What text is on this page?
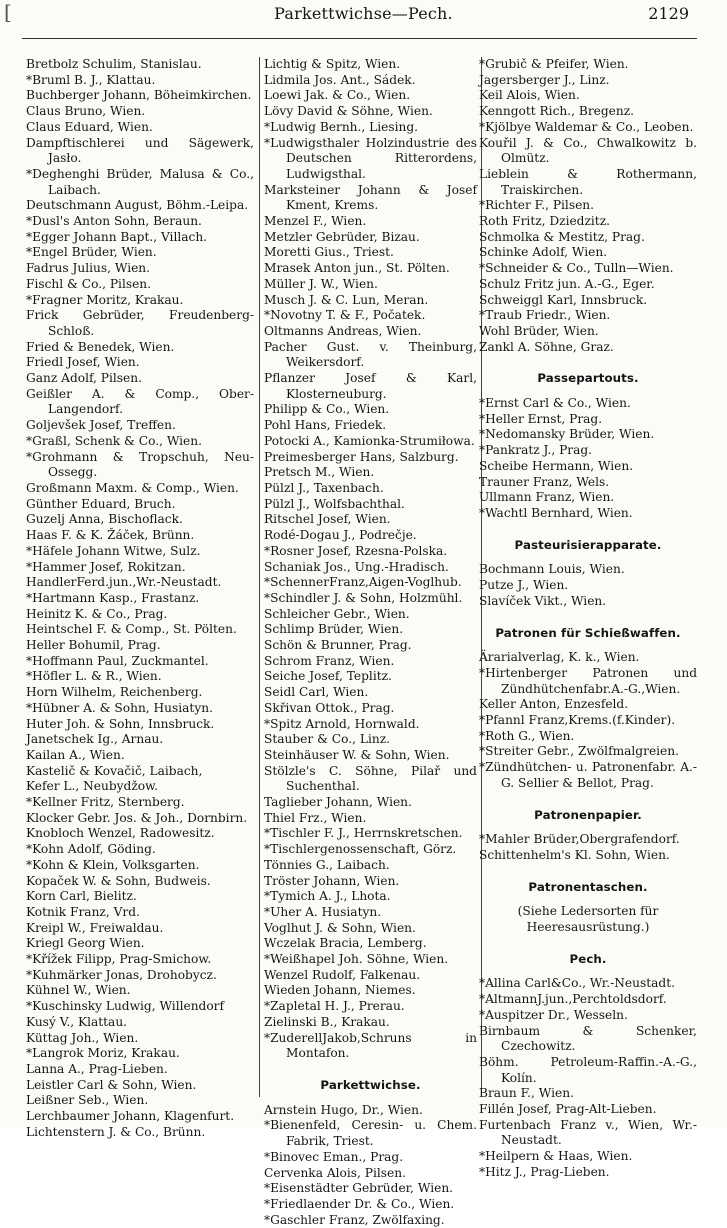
[	Parkettwichse—Pech.	2129
Bretbolz Schulim, Stanislau.
*Bruml B. J., Klattau.
Buchberger Johann, Böheimkirchen.
Claus Bruno, Wien.
Claus Eduard, Wien.
Dampftischlerei und Sägewerk, Jasło.
*Deghenghi Brüder, Malusa & Co., Laibach.
Deutschmann August, Böhm.-Leipa.
*Dusl's Anton Sohn, Beraun.
*Egger Johann Bapt., Villach.
*Engel Brüder, Wien.
Fadrus Julius, Wien.
Fischl & Co., Pilsen.
*Fragner Moritz, Krakau.
Frick Gebrüder, Freudenberg-Schloß.
Fried & Benedek, Wien.
Friedl Josef, Wien.
Ganz Adolf, Pilsen.
Geißler A. & Comp., Ober-Langendorf.
Goljevšek Josef, Treffen.
*Graßl, Schenk & Co., Wien.
*Grohmann & Tropschuh, Neu-Ossegg.
Großmann Maxm. & Comp., Wien.
Günther Eduard, Bruch.
Guzelj Anna, Bischoflack.
Haas F. & K. Žáček, Brünn.
*Häfele Johann Witwe, Sulz.
*Hammer Josef, Rokitzan.
HandlerFerd.jun.,Wr.-Neustadt.
*Hartmann Kasp., Frastanz.
Heinitz K. & Co., Prag.
Heintschel F. & Comp., St. Pölten.
Heller Bohumil, Prag.
*Hoffmann Paul, Zuckmantel.
*Höfler L. & R., Wien.
Horn Wilhelm, Reichenberg.
*Hübner A. & Sohn, Husiatyn.
Huter Joh. & Sohn, Innsbruck.
Janetschek Ig., Arnau.
Kailan A., Wien.
Kastelič & Kovačič, Laibach,
Kefer L., Neubydžow.
*Kellner Fritz, Sternberg.
Klocker Gebr. Jos. & Joh., Dornbirn.
Knobloch Wenzel, Radowesitz.
*Kohn Adolf, Göding.
*Kohn & Klein, Volksgarten.
Kopaček W. & Sohn, Budweis.
Korn Carl, Bielitz.
Kotnik Franz, Vrd.
Kreipl W., Freiwaldau.
Kriegl Georg Wien.
*Křížek Filipp, Prag-Smichow.
*Kuhmärker Jonas, Drohobycz.
Kühnel W., Wien.
*Kuschinsky Ludwig, Willendorf
Kusý V., Klattau.
Küttag Joh., Wien.
*Langrok Moriz, Krakau.
Lanna A., Prag-Lieben.
Leistler Carl & Sohn, Wien.
Leißner Seb., Wien.
Lerchbaumer Johann, Klagenfurt.
Lichtenstern J. & Co., Brünn.
Lichtig & Spitz, Wien.
Lidmila Jos. Ant., Sádek.
Loewi Jak. & Co., Wien.
Lövy David & Söhne, Wien.
*Ludwig Bernh., Liesing.
*Ludwigsthaler Holzindustrie des Deutschen Ritterordens, Ludwigsthal.
Marksteiner Johann & Josef Kment, Krems.
Menzel F., Wien.
Metzler Gebrüder, Bizau.
Moretti Gius., Triest.
Mrasek Anton jun., St. Pölten.
Müller J. W., Wien.
Musch J. & C. Lun, Meran.
*Novotny T. & F., Počatek.
Oltmanns Andreas, Wien.
Pacher Gust. v. Theinburg, Weikersdorf.
Pflanzer Josef & Karl, Klosterneuburg.
Philipp & Co., Wien.
Pohl Hans, Friedek.
Potocki A., Kamionka-Strumiłowa.
Preimesberger Hans, Salzburg.
Pretsch M., Wien.
Pülzl J., Taxenbach.
Pülzl J., Wolfsbachthal.
Ritschel Josef, Wien.
Rodé-Dogau J., Podrečje.
*Rosner Josef, Rzesna-Polska.
Schaniak Jos., Ung.-Hradisch.
*SchennerFranz,Aigen-Voglhub.
*Schindler J. & Sohn, Holzmühl.
Schleicher Gebr., Wien.
Schlimp Brüder, Wien.
Schön & Brunner, Prag.
Schrom Franz, Wien.
Seiche Josef, Teplitz.
Seidl Carl, Wien.
Skřivan Ottok., Prag.
*Spitz Arnold, Hornwald.
Stauber & Co., Linz.
Steinhäuser W. & Sohn, Wien.
Stölzle's C. Söhne, Pilař und Suchenthal.
Taglieber Johann, Wien.
Thiel Frz., Wien.
*Tischler F. J., Herrnskretschen.
*Tischlergenossenschaft, Görz.
Tönnies G., Laibach.
Tröster Johann, Wien.
*Tymich A. J., Lhota.
*Uher A. Husiatyn.
Voglhut J. & Sohn, Wien.
Wczelak Bracia, Lemberg.
*Weißhapel Joh. Söhne, Wien.
Wenzel Rudolf, Falkenau.
Wieden Johann, Niemes.
*Zapletal H. J., Prerau.
Zielinski B., Krakau.
*ZuderellJakob,Schruns in Montafon.
Parkettwichse.
Arnstein Hugo, Dr., Wien.
*Bienenfeld, Ceresin- u. Chem. Fabrik, Triest.
*Binovec Eman., Prag.
Cervenka Alois, Pilsen.
*Eisenstädter Gebrüder, Wien.
*Friedlaender Dr. & Co., Wien.
*Gaschler Franz, Zwölfaxing.
*Grubič & Pfeifer, Wien.
Jagersberger J., Linz.
Keil Alois, Wien.
Kenngott Rich., Bregenz.
*Kjölbye Waldemar & Co., Leoben.
Kouřil J. & Co., Chwalkowitz b. Olmütz.
Lieblein & Rothermann, Traiskirchen.
*Richter F., Pilsen.
Roth Fritz, Dziedzitz.
Schmolka & Mestitz, Prag.
Schinke Adolf, Wien.
*Schneider & Co., Tulln—Wien.
Schulz Fritz jun. A.-G., Eger.
Schweiggl Karl, Innsbruck.
*Traub Friedr., Wien.
Wohl Brüder, Wien.
Zankl A. Söhne, Graz.
Passepartouts.
*Ernst Carl & Co., Wien.
*Heller Ernst, Prag.
*Nedomansky Brüder, Wien.
*Pankratz J., Prag.
Scheibe Hermann, Wien.
Trauner Franz, Wels.
Ullmann Franz, Wien.
*Wachtl Bernhard, Wien.
Pasteurisierapparate.
Bochmann Louis, Wien.
Putze J., Wien.
Slavíček Vikt., Wien.
Patronen für Schießwaffen.
Ärarialverlag, K. k., Wien.
*Hirtenberger Patronen und Zündhütchenfabr.A.-G.,Wien.
Keller Anton, Enzesfeld.
*Pfannl Franz,Krems.(f.Kinder).
*Roth G., Wien.
*Streiter Gebr., Zwölfmalgreien.
*Zündhütchen- u. Patronenfabr. A.-G. Sellier & Bellot, Prag.
Patronenpapier.
*Mahler Brüder,Obergrafendorf.
Schittenhelm's Kl. Sohn, Wien.
Patronentaschen.
(Siehe Ledersorten für Heeresausrüstung.)
Pech.
*Allina Carl&Co., Wr.-Neustadt.
*AltmannJ.jun.,Perchtoldsdorf.
*Auspitzer Dr., Wesseln.
Birnbaum & Schenker, Czechowitz.
Böhm. Petroleum-Raffin.-A.-G., Kolín.
Braun F., Wien.
Fillén Josef, Prag-Alt-Lieben.
Furtenbach Franz v., Wien, Wr.-Neustadt.
*Heilpern & Haas, Wien.
*Hitz J., Prag-Lieben.
